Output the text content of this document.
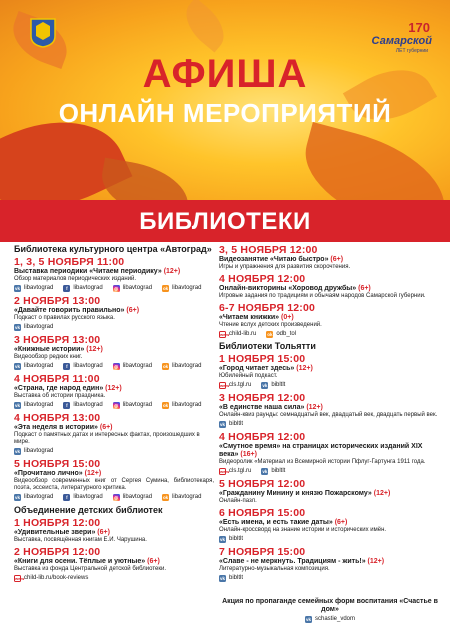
170
Самарской
ЛЕТ губернии
АФИША
ОНЛАЙН МЕРОПРИЯТИЙ
БИБЛИОТЕКИ
Библиотека культурного центра «Автоград»
1, 3, 5 НОЯБРЯ 11:00
Выставка периодики «Читаем периодику» (12+)
Обзор материалов периодических изданий.
vk libavtograd	f libavtograd	◎ libavtograd ok libavtograd
2 НОЯБРЯ 13:00
«Давайте говорить правильно» (6+)
Подкаст о правилах русского языка.
vk libavtograd
3 НОЯБРЯ 13:00
«Книжные истории» (12+)
Видеообзор редких книг.
vk libavtograd	f libavtograd	◎ libavtograd ok libavtograd
4 НОЯБРЯ 11:00
«Страна, где народ един» (12+)
Выставка об истории праздника.
vk libavtograd	f libavtograd	◎ libavtograd ok libavtograd
4 НОЯБРЯ 13:00
«Эта неделя в истории» (6+)
Подкаст о памятных датах и интересных фактах, произошедших в мире.
vk libavtograd
5 НОЯБРЯ 15:00
«Прочитано лично» (12+)
Видеообзор современных книг от Сергея Сумина, библиотекаря, поэта, эссеиста, литературного критика.
vk libavtograd	f libavtograd	◎ libavtograd ok libavtograd
Объединение детских библиотек
1 НОЯБРЯ 12:00
«Удивительные звери» (6+)
Выставка, посвящённая книгам Е.И. Чарушина.
2 НОЯБРЯ 12:00
«Книги для осени. Тёплые и уютные» (6+)
Выставка из фонда Центральной детской библиотеки.
www child-lib.ru/book-reviews
3, 5 НОЯБРЯ 12:00
Видеозанятие «Читаю быстро» (6+)
Игры и упражнения для развития скорочтения.
4 НОЯБРЯ 12:00
Онлайн-викторины «Хоровод дружбы» (6+)
Игровые задания по традициям и обычаям народов Самарской губернии.
6-7 НОЯБРЯ 12:00
«Читаем книжки» (0+)
Чтение вслух детских произведений.
www child-lib.ru ok odb_tol
Библиотеки Тольятти
1 НОЯБРЯ 15:00
«Город читает здесь» (12+)
Юбилейный подкаст.
www cls.tgl.ru vk bibltlt
3 НОЯБРЯ 12:00
«В единстве наша сила» (12+)
Онлайн-квиз раунды: семнадцатый век, двадцатый век, двадцать первый век.
vk bibltlt
4 НОЯБРЯ 12:00
«Смутное время» на страницах исторических изданий XIX века» (16+)
Видеоролик «Материал из Всемирной истории Пфлуг-Гартунга 1911 года.
www cls.tgl.ru vk bibltlt
5 НОЯБРЯ 12:00
«Гражданину Минину и князю Пожарскому» (12+)
Онлайн-пазл.
6 НОЯБРЯ 15:00
«Есть имена, и есть такие даты» (6+)
Онлайн-кроссворд на знание истории и исторических имён.
vk bibltlt
7 НОЯБРЯ 15:00
«Славе - не меркнуть. Традициям - жить!» (12+)
Литературно-музыкальная композиция.
vk bibltlt
Акция по пропаганде семейных форм воспитания «Счастье в дом»
vk schastie_vdom
